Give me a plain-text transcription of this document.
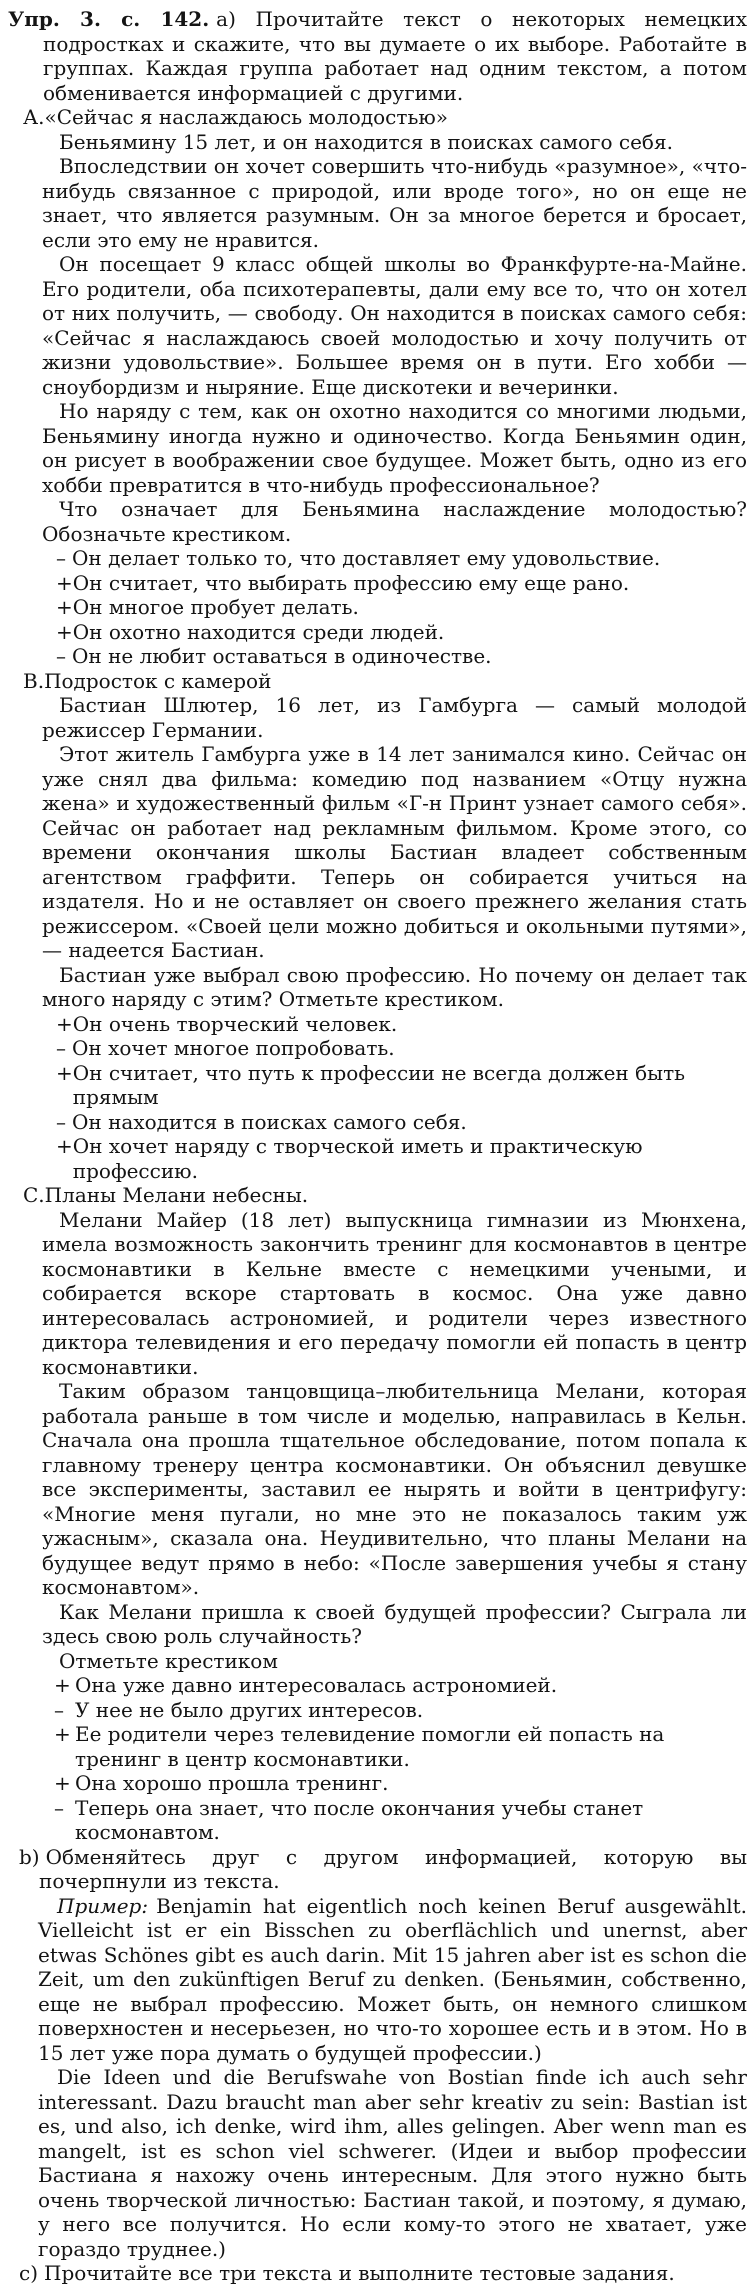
Упр. 3. с. 142. а) Прочитайте текст о некоторых немецких подростках и скажите, что вы думаете о их выборе. Работайте в группах. Каждая группа работает над одним текстом, а потом обменивается информацией с другими.

А.«Сейчас я наслаждаюсь молодостью»

Беньямину 15 лет, и он находится в поисках самого себя.

Впоследствии он хочет совершить что-нибудь «разумное», «что-нибудь связанное с природой, или вроде того», но он еще не знает, что является разумным. Он за многое берется и бросает, если это ему не нравится.

Он посещает 9 класс общей школы во Франкфурте-на-Майне. Его родители, оба психотерапевты, дали ему все то, что он хотел от них получить, — свободу. Он находится в поисках самого себя: «Сейчас я наслаждаюсь своей молодостью и хочу получить от жизни удовольствие». Большее время он в пути. Его хобби — сноубордизм и ныряние. Еще дискотеки и вечеринки.

Но наряду с тем, как он охотно находится со многими людьми, Беньямину иногда нужно и одиночество. Когда Беньямин один, он рисует в воображении свое будущее. Может быть, одно из его хобби превратится в что-нибудь профессиональное?

Что означает для Беньямина наслаждение молодостью? Обозначьте крестиком.

– Он делает только то, что доставляет ему удовольствие.
+ Он считает, что выбирать профессию ему еще рано.
+ Он многое пробует делать.
+ Он охотно находится среди людей.
– Он не любит оставаться в одиночестве.

В.Подросток с камерой

Бастиан Шлютер, 16 лет, из Гамбурга — самый молодой режиссер Германии.

Этот житель Гамбурга уже в 14 лет занимался кино. Сейчас он уже снял два фильма: комедию под названием «Отцу нужна жена» и художественный фильм «Г-н Принт узнает самого себя». Сейчас он работает над рекламным фильмом. Кроме этого, со времени окончания школы Бастиан владеет собственным агентством граффити. Теперь он собирается учиться на издателя. Но и не оставляет он своего прежнего желания стать режиссером. «Своей цели можно добиться и окольными путями», — надеется Бастиан.

Бастиан уже выбрал свою профессию. Но почему он делает так много наряду с этим? Отметьте крестиком.

+ Он очень творческий человек.
– Он хочет многое попробовать.
+ Он считает, что путь к профессии не всегда должен быть прямым
– Он находится в поисках самого себя.
+ Он хочет наряду с творческой иметь и практическую профессию.

С.Планы Мелани небесны.

Мелани Майер (18 лет) выпускница гимназии из Мюнхена, имела возможность закончить тренинг для космонавтов в центре космонавтики в Кельне вместе с немецкими учеными, и собирается вскоре стартовать в космос. Она уже давно интересовалась астрономией, и родители через известного диктора телевидения и его передачу помогли ей попасть в центр космонавтики.

Таким образом танцовщица–любительница Мелани, которая работала раньше в том числе и моделью, направилась в Кельн. Сначала она прошла тщательное обследование, потом попала к главному тренеру центра космонавтики. Он объяснил девушке все эксперименты, заставил ее нырять и войти в центрифугу: «Многие меня пугали, но мне это не показалось таким уж ужасным», сказала она. Неудивительно, что планы Мелани на будущее ведут прямо в небо: «После завершения учебы я стану космонавтом».

Как Мелани пришла к своей будущей профессии? Сыграла ли здесь свою роль случайность?

Отметьте крестиком

+ Она уже давно интересовалась астрономией.
– У нее не было других интересов.
+ Ее родители через телевидение помогли ей попасть на тренинг в центр космонавтики.
+ Она хорошо прошла тренинг.
– Теперь она знает, что после окончания учебы станет космонавтом.

b) Обменяйтесь друг с другом информацией, которую вы почерпнули из текста.

Пример: Benjamin hat eigentlich noch keinen Beruf ausgewählt. Vielleicht ist er ein Bisschen zu oberflächlich und unernst, aber etwas Schönes gibt es auch darin. Mit 15 jahren aber ist es schon die Zeit, um den zukünftigen Beruf zu denken. (Беньямин, собственно, еще не выбрал профессию. Может быть, он немного слишком поверхностен и несерьезен, но что-то хорошее есть и в этом. Но в 15 лет уже пора думать о будущей профессии.)

Die Ideen und die Berufswahe von Bostian finde ich auch sehr interessant. Dazu braucht man aber sehr kreativ zu sein: Bastian ist es, und also, ich denke, wird ihm, alles gelingen. Aber wenn man es mangelt, ist es schon viel schwerer. (Идеи и выбор профессии Бастиана я нахожу очень интересным. Для этого нужно быть очень творческой личностью: Бастиан такой, и поэтому, я думаю, у него все получится. Но если кому-то этого не хватает, уже гораздо труднее.)

с) Прочитайте все три текста и выполните тестовые задания.
